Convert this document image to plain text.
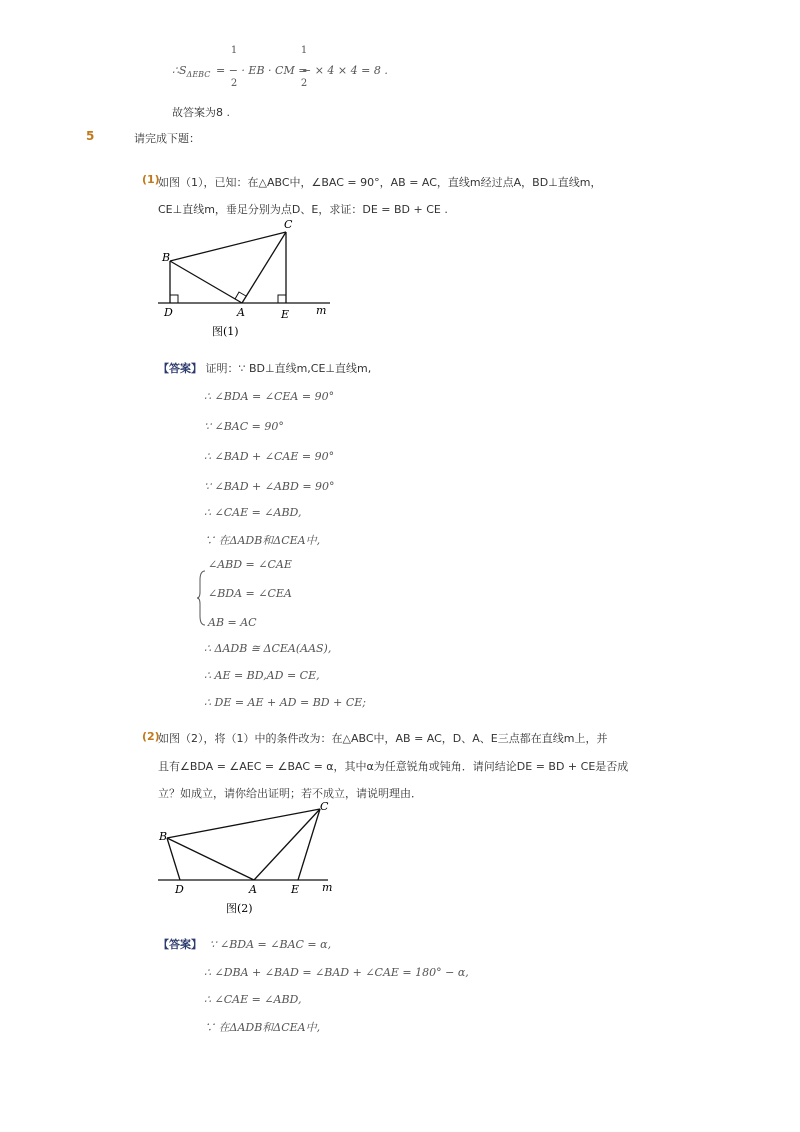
$\therefore S_{\Delta EBC}$
1
2
= − · EB · CM =
1
2
− × 4 × 4 = 8 .
故答案为8 .
5	请完成下题：
(1)
如图（1），已知：在△ABC中，∠BAC = 90°，AB = AC，直线m经过点A，BD⊥直线m，
CE⊥直线m，垂足分别为点D、E，求证：DE = BD + CE .
B
C
D	A	E m
图(1)
【答案】 证明：∵ BD⊥直线m,CE⊥直线m,
∴ ∠BDA = ∠CEA = 90°
∵ ∠BAC = 90°
∴ ∠BAD + ∠CAE = 90°
∵ ∠BAD + ∠ABD = 90°
∴ ∠CAE = ∠ABD,
∵ 在ΔADB和ΔCEA中,
∠ABD = ∠CAE
∠BDA = ∠CEA
AB = AC
∴ ΔADB ≅ ΔCEA(AAS),
∴ AE = BD,AD = CE,
∴ DE = AE + AD = BD + CE;
(2)
如图（2），将（1）中的条件改为：在△ABC中，AB = AC，D、A、E三点都在直线m上，并
且有∠BDA = ∠AEC = ∠BAC = α，其中α为任意锐角或钝角．请问结论DE = BD + CE是否成
立？如成立，请你给出证明；若不成立，请说明理由．
B
C
D	A	E m
图(2)
【答案】 ∵ ∠BDA = ∠BAC = α,
∴ ∠DBA + ∠BAD = ∠BAD + ∠CAE = 180° − α,
∴ ∠CAE = ∠ABD,
∵ 在ΔADB和ΔCEA中,
